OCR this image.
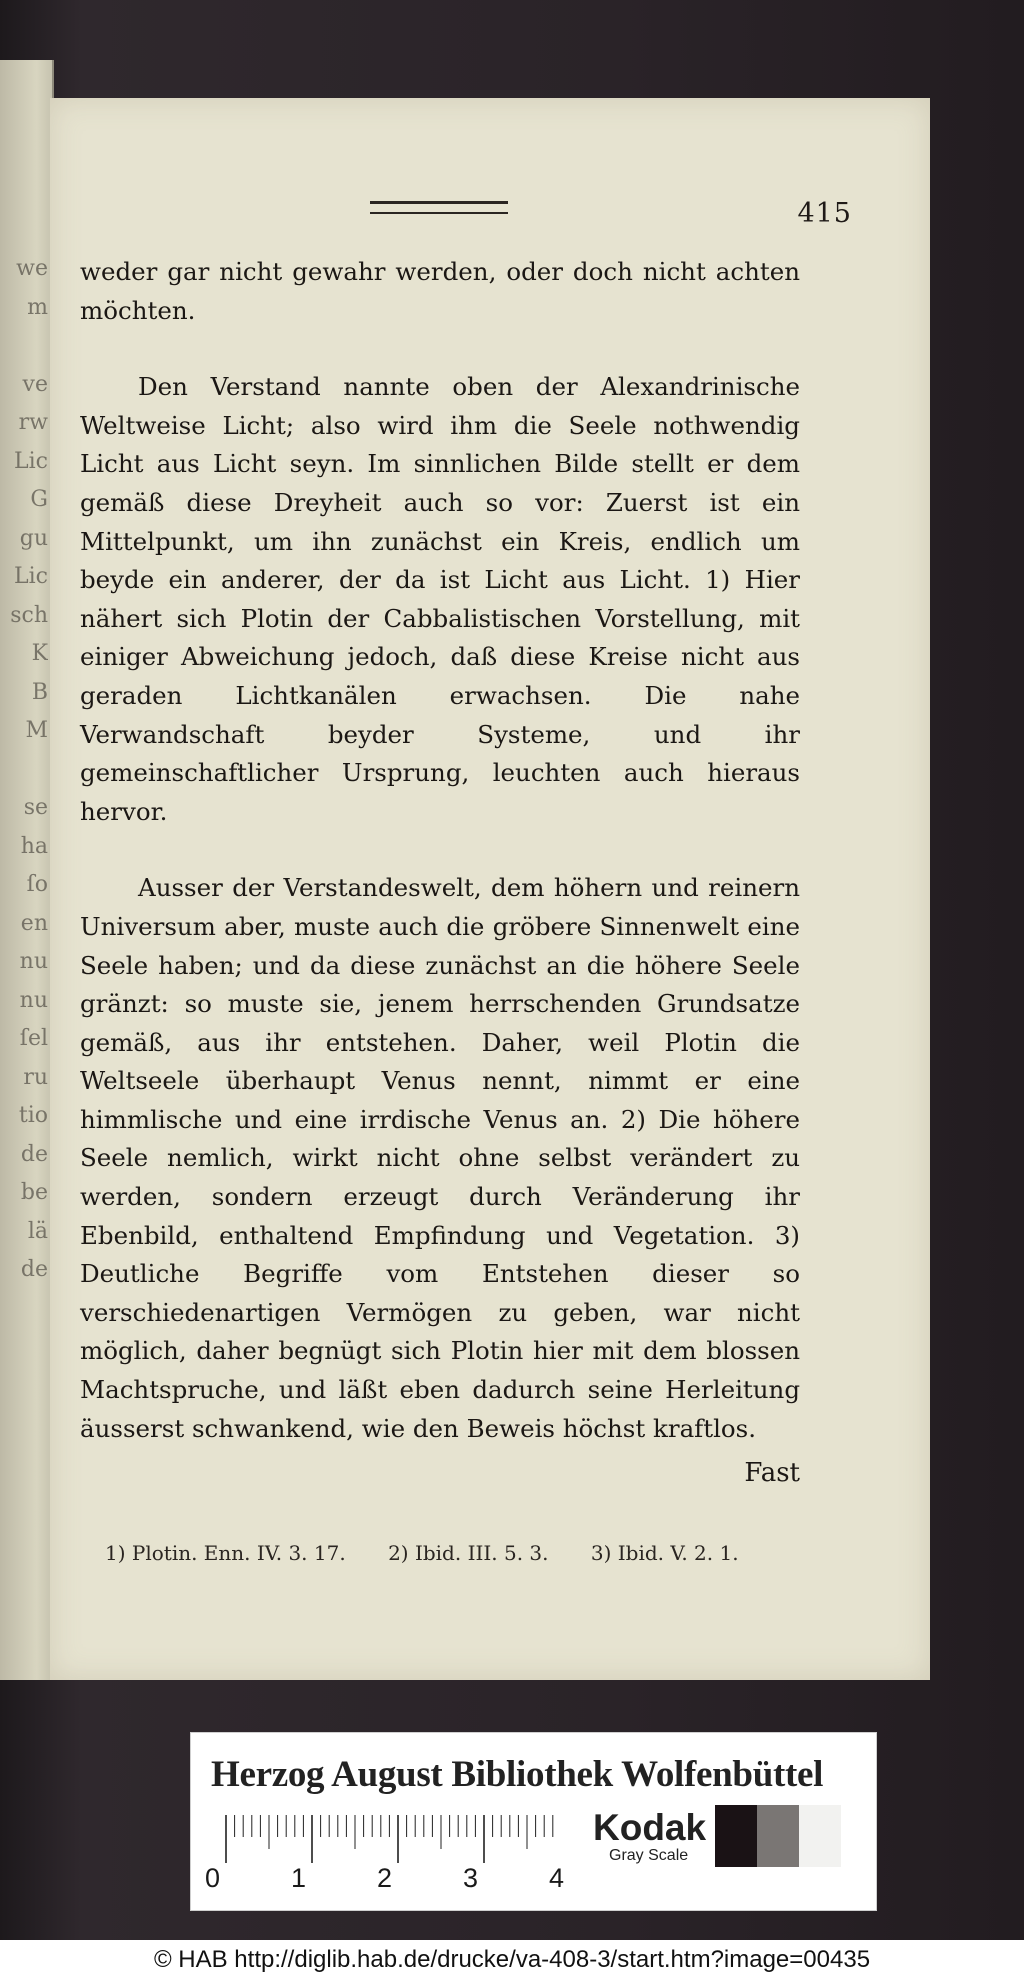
we
m

ve
rw
Lic
G
gu
Lic
sch
K
B
M

se
ha
ſo
en
nu
nu
ſel
ru
tio
de
be
lä
de
415

weder gar nicht gewahr werden, oder doch nicht achten möchten.

Den Verstand nannte oben der Alexandrinische Weltweise Licht; also wird ihm die Seele nothwendig Licht aus Licht seyn. Im sinnlichen Bilde stellt er dem gemäß diese Dreyheit auch so vor: Zuerst ist ein Mittelpunkt, um ihn zunächst ein Kreis, endlich um beyde ein anderer, der da ist Licht aus Licht. 1) Hier nähert sich Plotin der Cabbalistischen Vorstellung, mit einiger Abweichung jedoch, daß diese Kreise nicht aus geraden Lichtkanälen erwachsen. Die nahe Verwandschaft beyder Systeme, und ihr gemeinschaftlicher Ursprung, leuchten auch hieraus hervor.

Ausser der Verstandeswelt, dem höhern und reinern Universum aber, muste auch die gröbere Sinnenwelt eine Seele haben; und da diese zunächst an die höhere Seele gränzt: so muste sie, jenem herrschenden Grundsatze gemäß, aus ihr entstehen. Daher, weil Plotin die Weltseele überhaupt Venus nennt, nimmt er eine himmlische und eine irrdische Venus an. 2) Die höhere Seele nemlich, wirkt nicht ohne selbst verändert zu werden, sondern erzeugt durch Veränderung ihr Ebenbild, enthaltend Empfindung und Vegetation. 3) Deutliche Begriffe vom Entstehen dieser so verschiedenartigen Vermögen zu geben, war nicht möglich, daher begnügt sich Plotin hier mit dem blossen Machtspruche, und läßt eben dadurch seine Herleitung äusserst schwankend, wie den Beweis höchst kraftlos.

Fast
1) Plotin. Enn. IV. 3. 17. 2) Ibid. III. 5. 3. 3) Ibid. V. 2. 1.
Herzog August Bibliothek Wolfenbüttel
0	1	2	3	4
Kodak
Gray Scale
© HAB http://diglib.hab.de/drucke/va-408-3/start.htm?image=00435
